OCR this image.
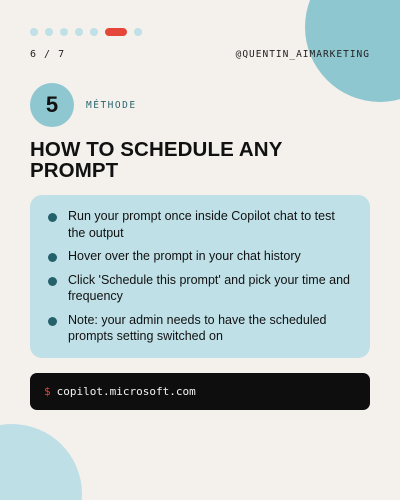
6 / 7	@QUENTIN_AIMARKETING
5	MÉTHODE
HOW TO SCHEDULE ANY PROMPT
Run your prompt once inside Copilot chat to test the output
Hover over the prompt in your chat history
Click 'Schedule this prompt' and pick your time and frequency
Note: your admin needs to have the scheduled prompts setting switched on
$ copilot.microsoft.com
